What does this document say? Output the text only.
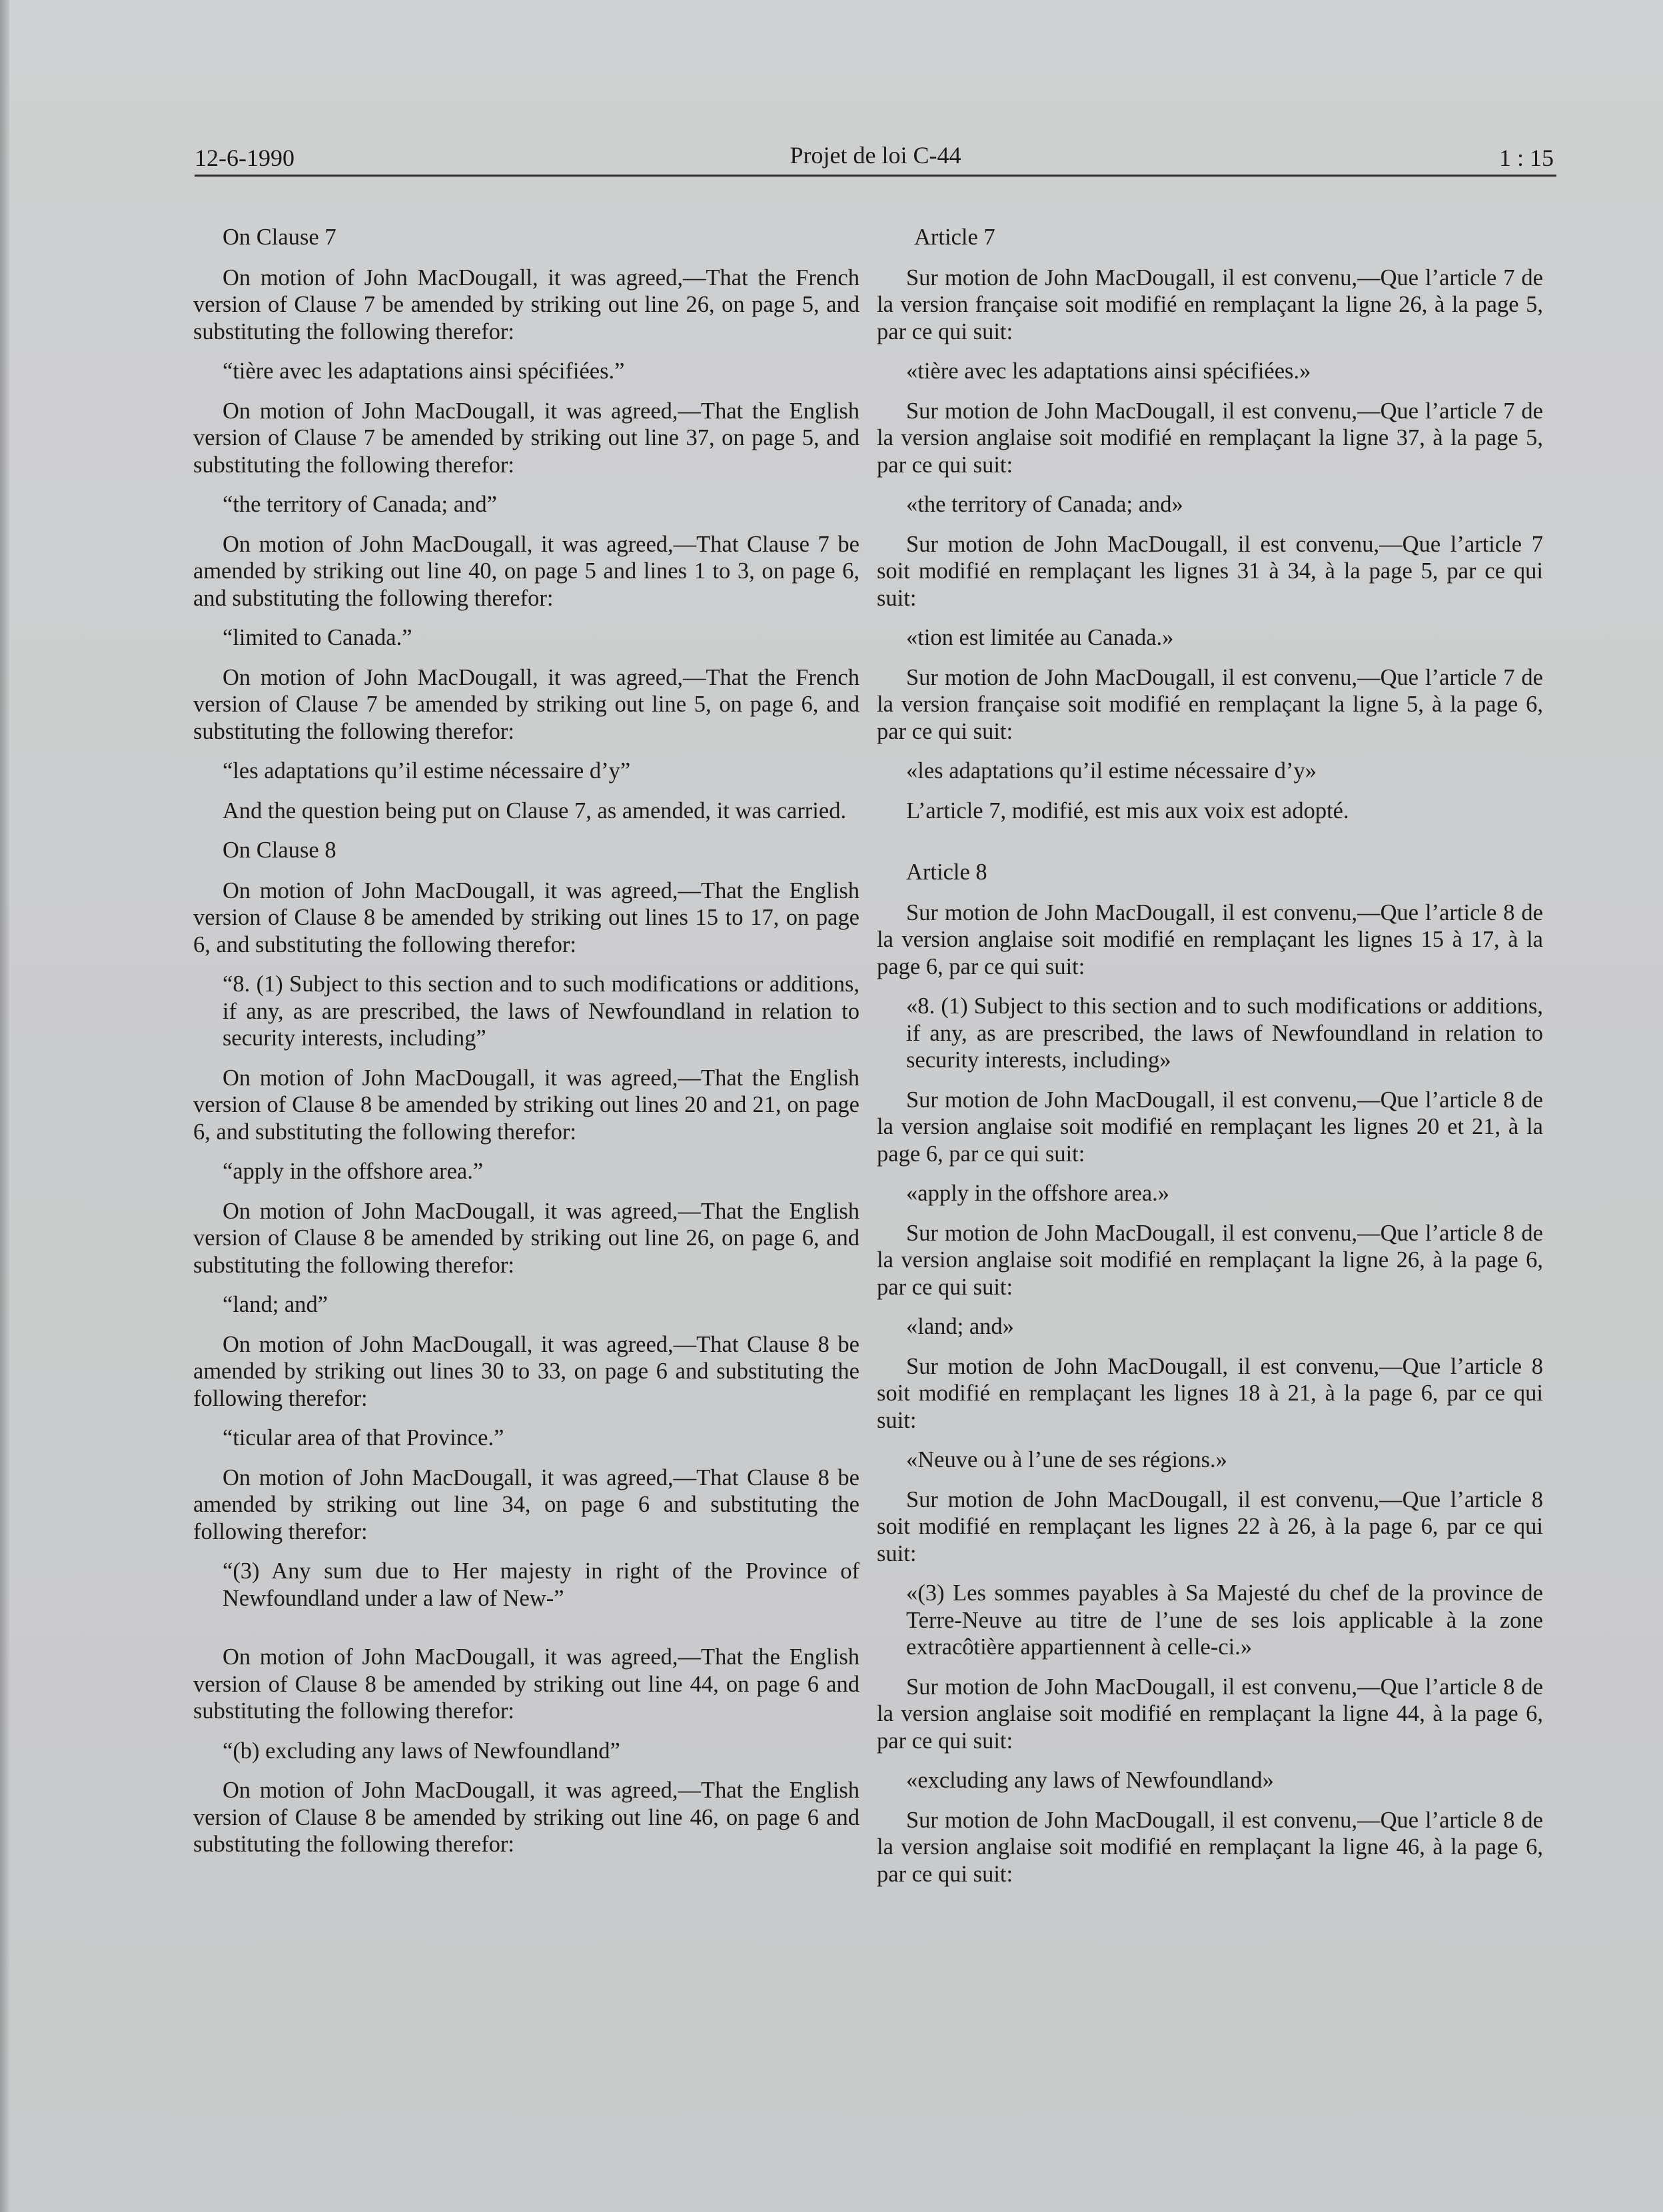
12-6-1990	Projet de loi C-44	1 : 15

On Clause 7

On motion of John MacDougall, it was agreed,—That the French version of Clause 7 be amended by striking out line 26, on page 5, and substituting the following therefor:

“tière avec les adaptations ainsi spécifiées.”

On motion of John MacDougall, it was agreed,—That the English version of Clause 7 be amended by striking out line 37, on page 5, and substituting the following therefor:

“the territory of Canada; and”

On motion of John MacDougall, it was agreed,—That Clause 7 be amended by striking out line 40, on page 5 and lines 1 to 3, on page 6, and substituting the following therefor:

“limited to Canada.”

On motion of John MacDougall, it was agreed,—That the French version of Clause 7 be amended by striking out line 5, on page 6, and substituting the following therefor:

“les adaptations qu’il estime nécessaire d’y”

And the question being put on Clause 7, as amended, it was carried.

On Clause 8

On motion of John MacDougall, it was agreed,—That the English version of Clause 8 be amended by striking out lines 15 to 17, on page 6, and substituting the following therefor:

“8. (1) Subject to this section and to such modifications or additions, if any, as are prescribed, the laws of Newfoundland in relation to security interests, including”

On motion of John MacDougall, it was agreed,—That the English version of Clause 8 be amended by striking out lines 20 and 21, on page 6, and substituting the following therefor:

“apply in the offshore area.”

On motion of John MacDougall, it was agreed,—That the English version of Clause 8 be amended by striking out line 26, on page 6, and substituting the following therefor:

“land; and”

On motion of John MacDougall, it was agreed,—That Clause 8 be amended by striking out lines 30 to 33, on page 6 and substituting the following therefor:

“ticular area of that Province.”

On motion of John MacDougall, it was agreed,—That Clause 8 be amended by striking out line 34, on page 6 and substituting the following therefor:

“(3) Any sum due to Her majesty in right of the Province of Newfoundland under a law of New-”

On motion of John MacDougall, it was agreed,—That the English version of Clause 8 be amended by striking out line 44, on page 6 and substituting the following therefor:

“(b) excluding any laws of Newfoundland”

On motion of John MacDougall, it was agreed,—That the English version of Clause 8 be amended by striking out line 46, on page 6 and substituting the following therefor:

Article 7

Sur motion de John MacDougall, il est convenu,—Que l’article 7 de la version française soit modifié en remplaçant la ligne 26, à la page 5, par ce qui suit:

«tière avec les adaptations ainsi spécifiées.»

Sur motion de John MacDougall, il est convenu,—Que l’article 7 de la version anglaise soit modifié en remplaçant la ligne 37, à la page 5, par ce qui suit:

«the territory of Canada; and»

Sur motion de John MacDougall, il est convenu,—Que l’article 7 soit modifié en remplaçant les lignes 31 à 34, à la page 5, par ce qui suit:

«tion est limitée au Canada.»

Sur motion de John MacDougall, il est convenu,—Que l’article 7 de la version française soit modifié en remplaçant la ligne 5, à la page 6, par ce qui suit:

«les adaptations qu’il estime nécessaire d’y»

L’article 7, modifié, est mis aux voix est adopté.

Article 8

Sur motion de John MacDougall, il est convenu,—Que l’article 8 de la version anglaise soit modifié en remplaçant les lignes 15 à 17, à la page 6, par ce qui suit:

«8. (1) Subject to this section and to such modifications or additions, if any, as are prescribed, the laws of Newfoundland in relation to security interests, including»

Sur motion de John MacDougall, il est convenu,—Que l’article 8 de la version anglaise soit modifié en remplaçant les lignes 20 et 21, à la page 6, par ce qui suit:

«apply in the offshore area.»

Sur motion de John MacDougall, il est convenu,—Que l’article 8 de la version anglaise soit modifié en remplaçant la ligne 26, à la page 6, par ce qui suit:

«land; and»

Sur motion de John MacDougall, il est convenu,—Que l’article 8 soit modifié en remplaçant les lignes 18 à 21, à la page 6, par ce qui suit:

«Neuve ou à l’une de ses régions.»

Sur motion de John MacDougall, il est convenu,—Que l’article 8 soit modifié en remplaçant les lignes 22 à 26, à la page 6, par ce qui suit:

«(3) Les sommes payables à Sa Majesté du chef de la province de Terre-Neuve au titre de l’une de ses lois applicable à la zone extracôtière appartiennent à celle-ci.»

Sur motion de John MacDougall, il est convenu,—Que l’article 8 de la version anglaise soit modifié en remplaçant la ligne 44, à la page 6, par ce qui suit:

«excluding any laws of Newfoundland»

Sur motion de John MacDougall, il est convenu,—Que l’article 8 de la version anglaise soit modifié en remplaçant la ligne 46, à la page 6, par ce qui suit:
